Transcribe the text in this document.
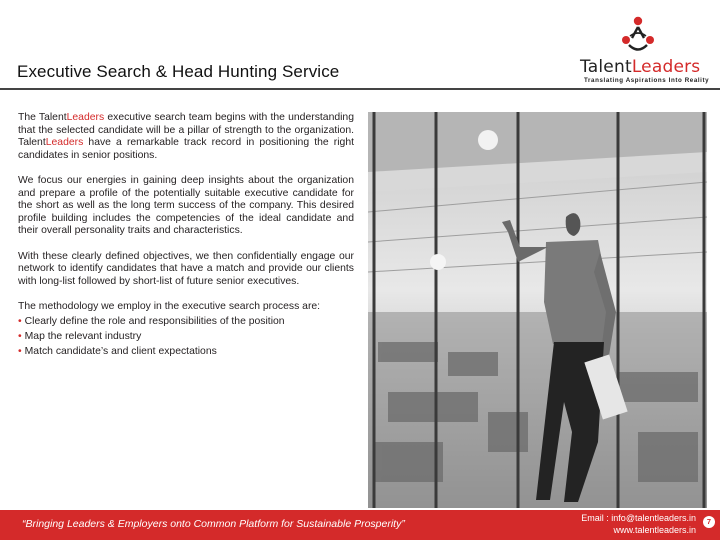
Executive Search & Head Hunting Service	TalentLeaders
Translating Aspirations Into Reality

The TalentLeaders executive search team begins with the understanding that the selected candidate will be a pillar of strength to the organization. TalentLeaders have a remarkable track record in positioning the right candidates in senior positions.

We focus our energies in gaining deep insights about the organization and prepare a profile of the potentially suitable executive candidate for the short as well as the long term success of the company. This desired profile building includes the competencies of the ideal candidate and their overall personality traits and characteristics.

With these clearly defined objectives, we then confidentially engage our network to identify candidates that have a match and provide our clients with long-list followed by short-list of future senior executives.

The methodology we employ in the executive search process are:
• Clearly define the role and responsibilities of the position
• Map the relevant industry
• Match candidate’s and client expectations
“Bringing Leaders & Employers onto Common Platform for Sustainable Prosperity”	Email : info@talentleaders.in
www.talentleaders.in
7
